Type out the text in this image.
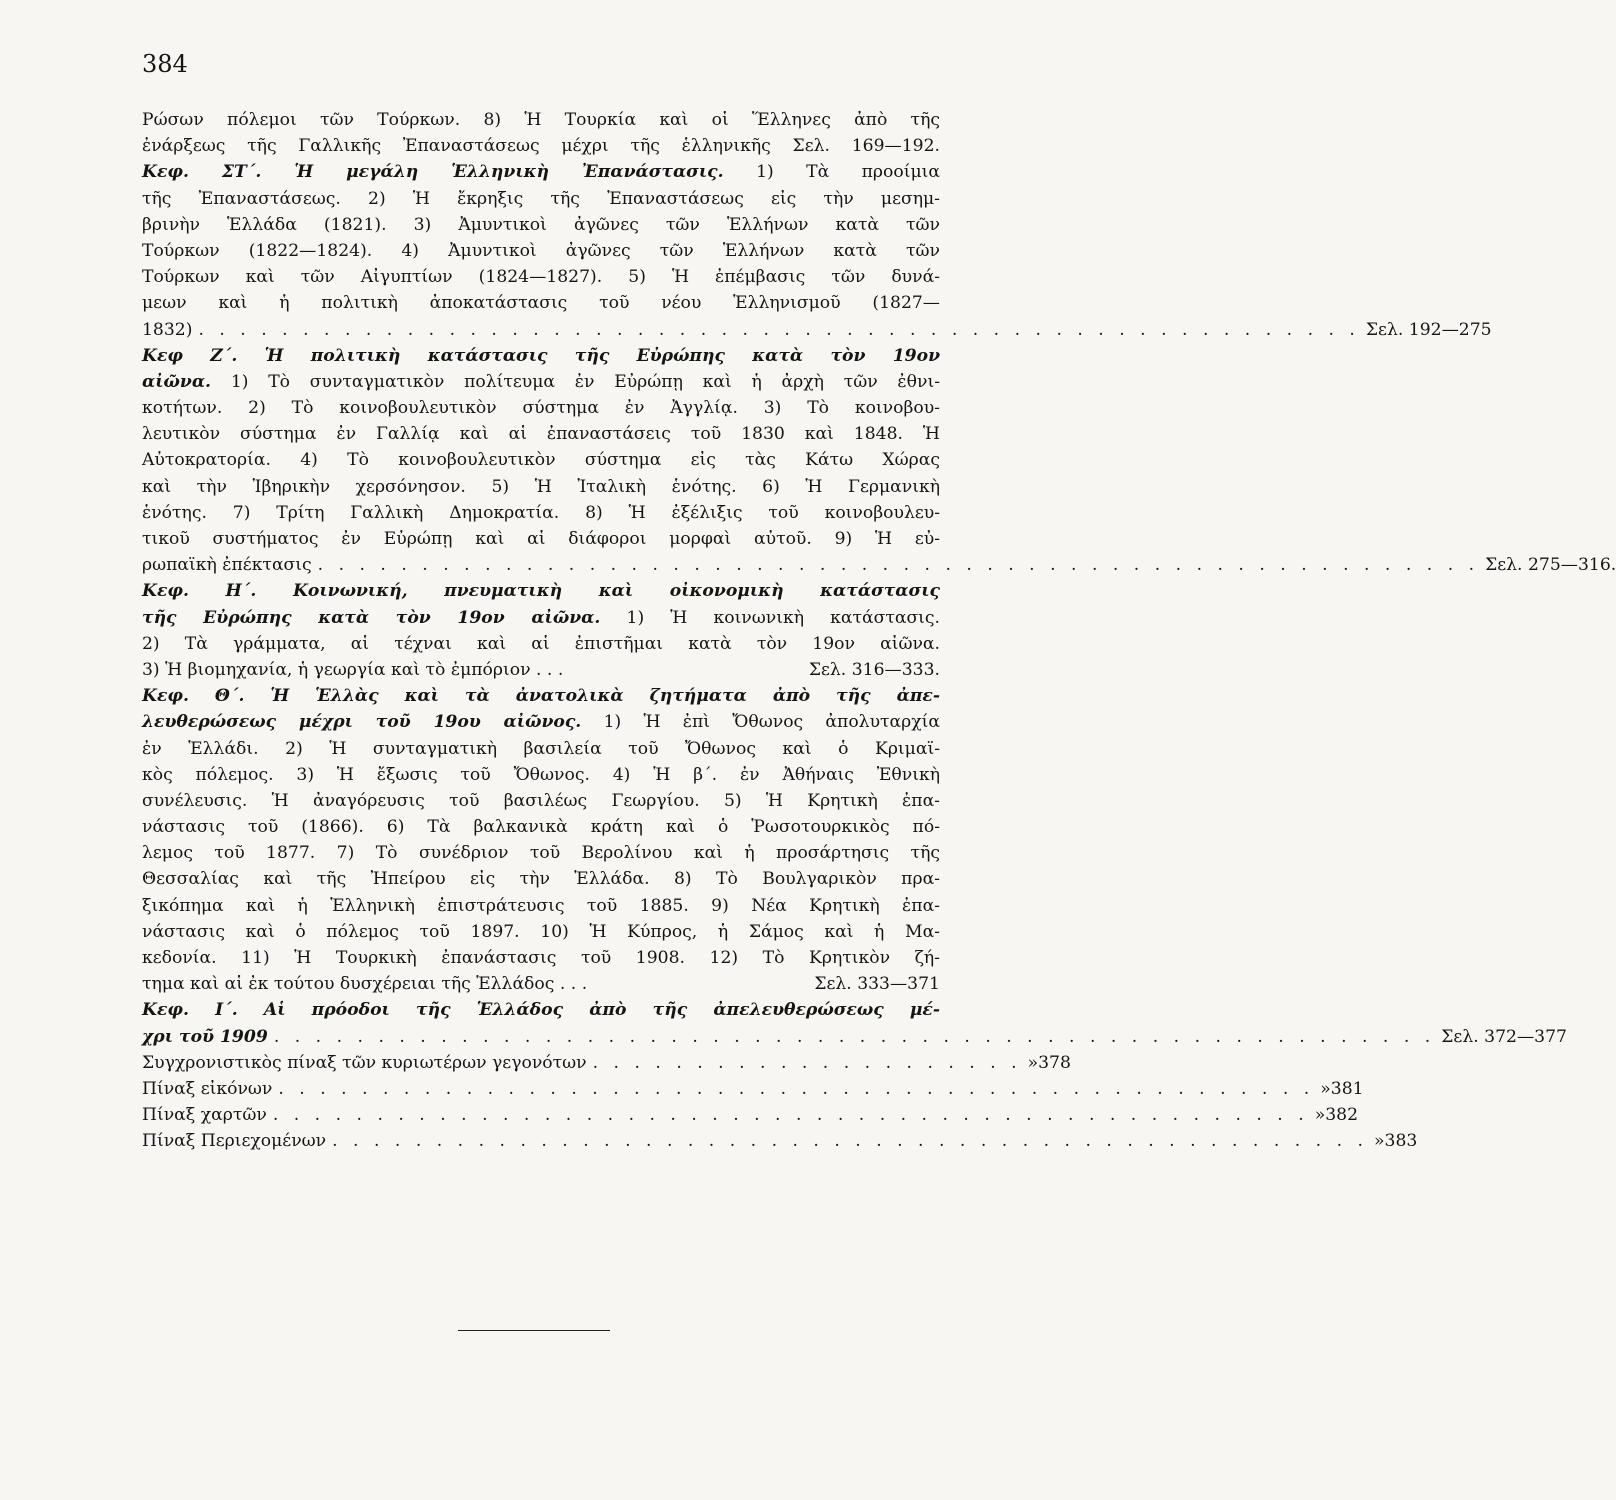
384
Ρώσων πόλεμοι τῶν Τούρκων. 8) Ἡ Τουρκία καὶ οἱ Ἕλληνες ἀπὸ τῆς
ἐνάρξεως τῆς Γαλλικῆς Ἐπαναστάσεως μέχρι τῆς ἑλληνικῆς Σελ. 169—192.
Κεφ. ΣΤ΄. Ἡ μεγάλη Ἑλληνικὴ Ἐπανάστασις. 1) Τὰ προοίμια
τῆς Ἐπαναστάσεως. 2) Ἡ ἔκρηξις τῆς Ἐπαναστάσεως εἰς τὴν μεσημ-
βρινὴν Ἑλλάδα (1821). 3) Ἀμυντικοὶ ἀγῶνες τῶν Ἑλλήνων κατὰ τῶν
Τούρκων (1822—1824). 4) Ἀμυντικοὶ ἀγῶνες τῶν Ἑλλήνων κατὰ τῶν
Τούρκων καὶ τῶν Αἰγυπτίων (1824—1827). 5) Ἡ ἐπέμβασις τῶν δυνά-
μεων καὶ ἡ πολιτικὴ ἀποκατάστασις τοῦ νέου Ἑλληνισμοῦ (1827—
1832) . . . . . . . . . . . . . . . . . . . . . . . . . . . . . . . . . . . . . . . . . . . . . . . . . . . . . . . . Σελ. 192—275
Κεφ Ζ΄. Ἡ πολιτικὴ κατάστασις τῆς Εὐρώπης κατὰ τὸν 19ον
αἰῶνα. 1) Τὸ συνταγματικὸν πολίτευμα ἐν Εὐρώπῃ καὶ ἡ ἀρχὴ τῶν ἐθνι-
κοτήτων. 2) Τὸ κοινοβουλευτικὸν σύστημα ἐν Ἀγγλίᾳ. 3) Τὸ κοινοβου-
λευτικὸν σύστημα ἐν Γαλλίᾳ καὶ αἱ ἐπαναστάσεις τοῦ 1830 καὶ 1848. Ἡ
Αὐτοκρατορία. 4) Τὸ κοινοβουλευτικὸν σύστημα εἰς τὰς Κάτω Χώρας
καὶ τὴν Ἰβηρικὴν χερσόνησον. 5) Ἡ Ἰταλικὴ ἑνότης. 6) Ἡ Γερμανικὴ
ἑνότης. 7) Τρίτη Γαλλικὴ Δημοκρατία. 8) Ἡ ἐξέλιξις τοῦ κοινοβουλευ-
τικοῦ συστήματος ἐν Εὐρώπῃ καὶ αἱ διάφοροι μορφαὶ αὐτοῦ. 9) Ἡ εὐ-
ρωπαϊκὴ ἐπέκτασις . . . . . . . . . . . . . . . . . . . . . . . . . . . . . . . . . . . . . . . . . . . . . . . . . . . . . . . . Σελ. 275—316.
Κεφ. Η΄. Κοινωνική, πνευματικὴ καὶ οἰκονομικὴ κατάστασις
τῆς Εὐρώπης κατὰ τὸν 19ον αἰῶνα. 1) Ἡ κοινωνικὴ κατάστασις.
2) Τὰ γράμματα, αἱ τέχναι καὶ αἱ ἐπιστῆμαι κατὰ τὸν 19ον αἰῶνα.
3) Ἡ βιομηχανία, ἡ γεωργία καὶ τὸ ἐμπόριον . . .	Σελ. 316—333.
Κεφ. Θ΄. Ἡ Ἑλλὰς καὶ τὰ ἀνατολικὰ ζητήματα ἀπὸ τῆς ἀπε-
λευθερώσεως μέχρι τοῦ 19ου αἰῶνος. 1) Ἡ ἐπὶ Ὄθωνος ἀπολυταρχία
ἐν Ἑλλάδι. 2) Ἡ συνταγματικὴ βασιλεία τοῦ Ὄθωνος καὶ ὁ Κριμαϊ-
κὸς πόλεμος. 3) Ἡ ἔξωσις τοῦ Ὄθωνος. 4) Ἡ β΄. ἐν Ἀθήναις Ἐθνικὴ
συνέλευσις. Ἡ ἀναγόρευσις τοῦ βασιλέως Γεωργίου. 5) Ἡ Κρητικὴ ἐπα-
νάστασις τοῦ (1866). 6) Τὰ βαλκανικὰ κράτη καὶ ὁ Ῥωσοτουρκικὸς πό-
λεμος τοῦ 1877. 7) Τὸ συνέδριον τοῦ Βερολίνου καὶ ἡ προσάρτησις τῆς
Θεσσαλίας καὶ τῆς Ἠπείρου εἰς τὴν Ἑλλάδα. 8) Τὸ Βουλγαρικὸν πρα-
ξικόπημα καὶ ἡ Ἑλληνικὴ ἐπιστράτευσις τοῦ 1885. 9) Νέα Κρητικὴ ἐπα-
νάστασις καὶ ὁ πόλεμος τοῦ 1897. 10) Ἡ Κύπρος, ἡ Σάμος καὶ ἡ Μα-
κεδονία. 11) Ἡ Τουρκικὴ ἐπανάστασις τοῦ 1908. 12) Τὸ Κρητικὸν ζή-
τημα καὶ αἱ ἐκ τούτου δυσχέρειαι τῆς Ἑλλάδος . . .	Σελ. 333—371
Κεφ. Ι΄. Αἱ πρόοδοι τῆς Ἑλλάδος ἀπὸ τῆς ἀπελευθερώσεως μέ-
χρι τοῦ 1909 . . . . . . . . . . . . . . . . . . . . . . . . . . . . . . . . . . . . . . . . . . . . . . . . . . . . . . . . Σελ. 372—377
Συγχρονιστικὸς πίναξ τῶν κυριωτέρων γεγονότων . . . . . . . . . . . . . . . . . . . . . » 378
Πίναξ εἰκόνων . . . . . . . . . . . . . . . . . . . . . . . . . . . . . . . . . . . . . . . . . . . . . . . . . . » 381
Πίναξ χαρτῶν . . . . . . . . . . . . . . . . . . . . . . . . . . . . . . . . . . . . . . . . . . . . . . . . . . » 382
Πίναξ Περιεχομένων . . . . . . . . . . . . . . . . . . . . . . . . . . . . . . . . . . . . . . . . . . . . . . . . . . » 383
